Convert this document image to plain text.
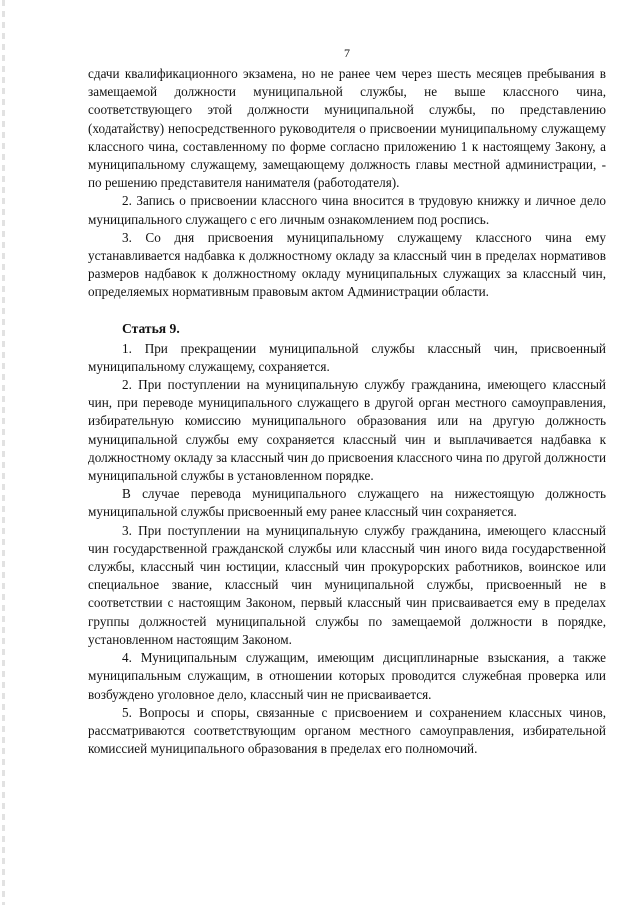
7

сдачи квалификационного экзамена, но не ранее чем через шесть месяцев пребывания в замещаемой должности муниципальной службы, не выше классного чина, соответствующего этой должности муниципальной службы, по представлению (ходатайству) непосредственного руководителя о присвоении муниципальному служащему классного чина, составленному по форме согласно приложению 1 к настоящему Закону, а муниципальному служащему, замещающему должность главы местной администрации, - по решению представителя нанимателя (работодателя).

2. Запись о присвоении классного чина вносится в трудовую книжку и личное дело муниципального служащего с его личным ознакомлением под роспись.

3. Со дня присвоения муниципальному служащему классного чина ему устанавливается надбавка к должностному окладу за классный чин в пределах нормативов размеров надбавок к должностному окладу муниципальных служащих за классный чин, определяемых нормативным правовым актом Администрации области.

Статья 9.

1. При прекращении муниципальной службы классный чин, присвоенный муниципальному служащему, сохраняется.

2. При поступлении на муниципальную службу гражданина, имеющего классный чин, при переводе муниципального служащего в другой орган местного самоуправления, избирательную комиссию муниципального образования или на другую должность муниципальной службы ему сохраняется классный чин и выплачивается надбавка к должностному окладу за классный чин до присвоения классного чина по другой должности муниципальной службы в установленном порядке.

В случае перевода муниципального служащего на нижестоящую должность муниципальной службы присвоенный ему ранее классный чин сохраняется.

3. При поступлении на муниципальную службу гражданина, имеющего классный чин государственной гражданской службы или классный чин иного вида государственной службы, классный чин юстиции, классный чин прокурорских работников, воинское или специальное звание, классный чин муниципальной службы, присвоенный не в соответствии с настоящим Законом, первый классный чин присваивается ему в пределах группы должностей муниципальной службы по замещаемой должности в порядке, установленном настоящим Законом.

4. Муниципальным служащим, имеющим дисциплинарные взыскания, а также муниципальным служащим, в отношении которых проводится служебная проверка или возбуждено уголовное дело, классный чин не присваивается.

5. Вопросы и споры, связанные с присвоением и сохранением классных чинов, рассматриваются соответствующим органом местного самоуправления, избирательной комиссией муниципального образования в пределах его полномочий.
